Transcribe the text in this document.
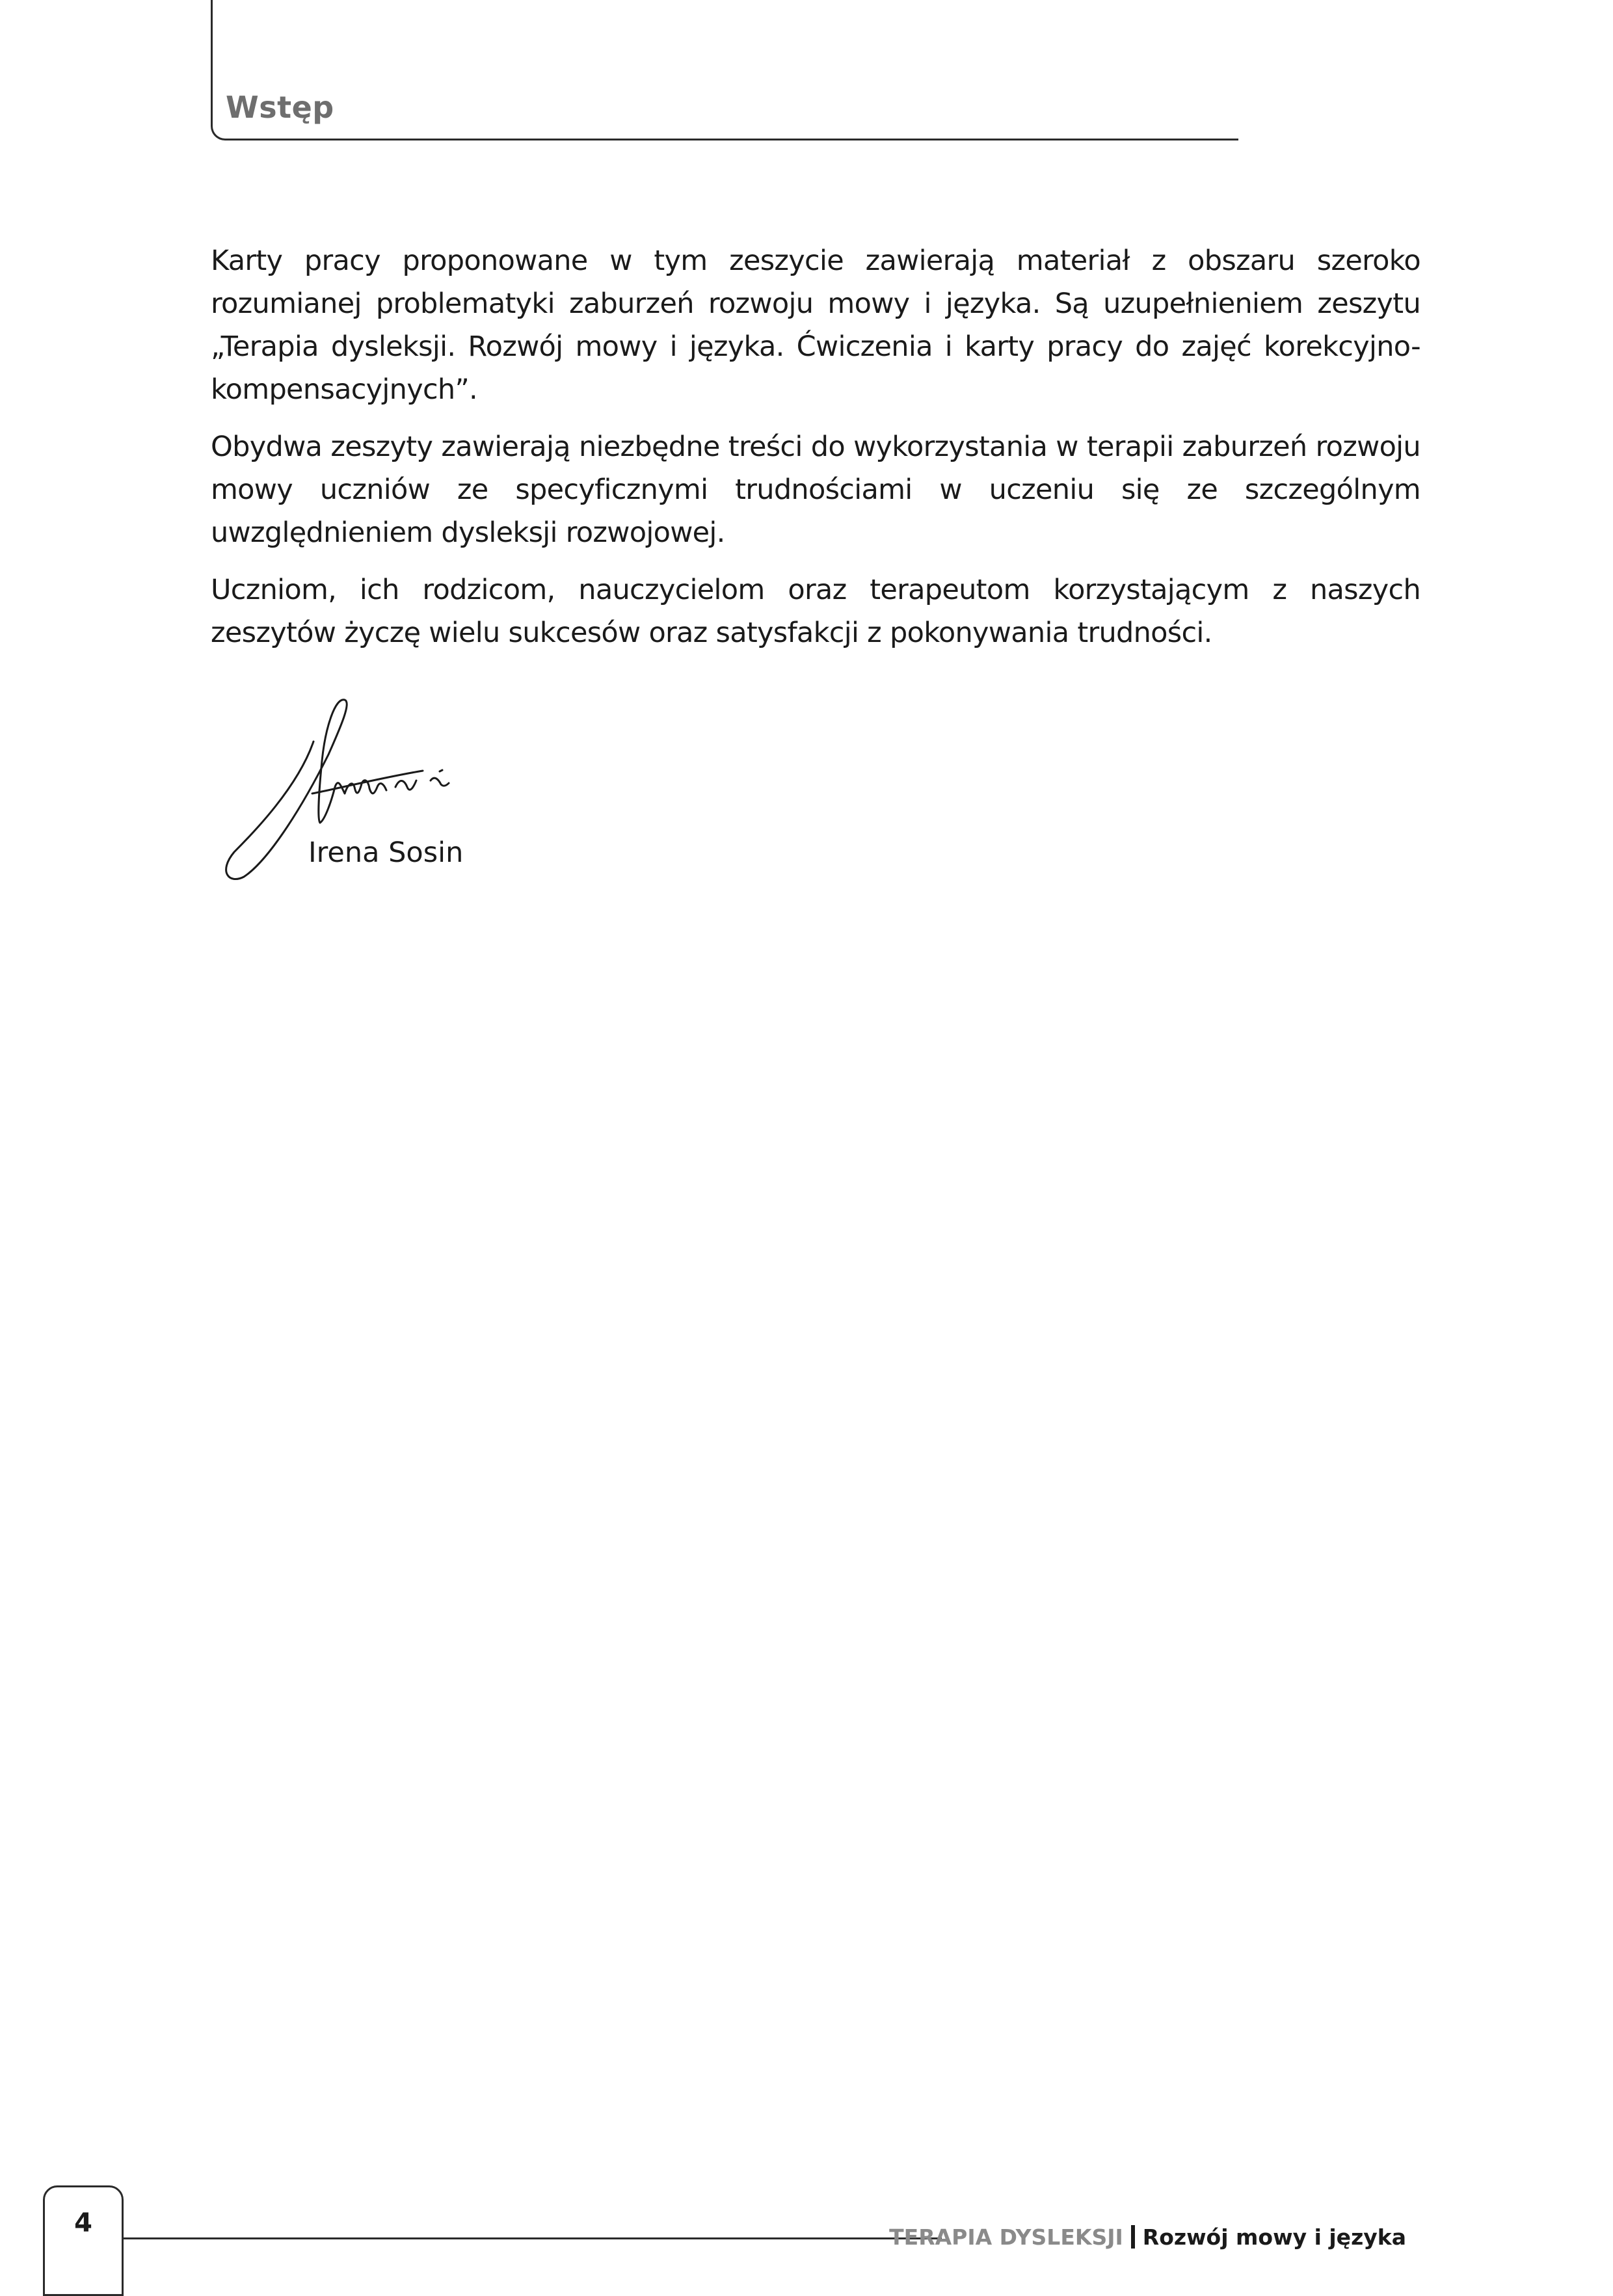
Wstęp

Karty pracy proponowane w tym zeszycie zawierają materiał z obszaru szeroko rozumianej problematyki zaburzeń rozwoju mowy i języka. Są uzupełnieniem zeszytu „Terapia dysleksji. Rozwój mowy i języka. Ćwiczenia i karty pracy do zajęć korekcyjno-kompensacyjnych”.

Obydwa zeszyty zawierają niezbędne treści do wykorzystania w terapii zaburzeń rozwoju mowy uczniów ze specyficznymi trudnościami w uczeniu się ze szczególnym uwzględnieniem dysleksji rozwojowej.

Uczniom, ich rodzicom, nauczycielom oraz terapeutom korzystającym z naszych zeszytów życzę wielu sukcesów oraz satysfakcji z pokonywania trudności.

Irena Sosin
4	TERAPIA DYSLEKSJI Rozwój mowy i języka
